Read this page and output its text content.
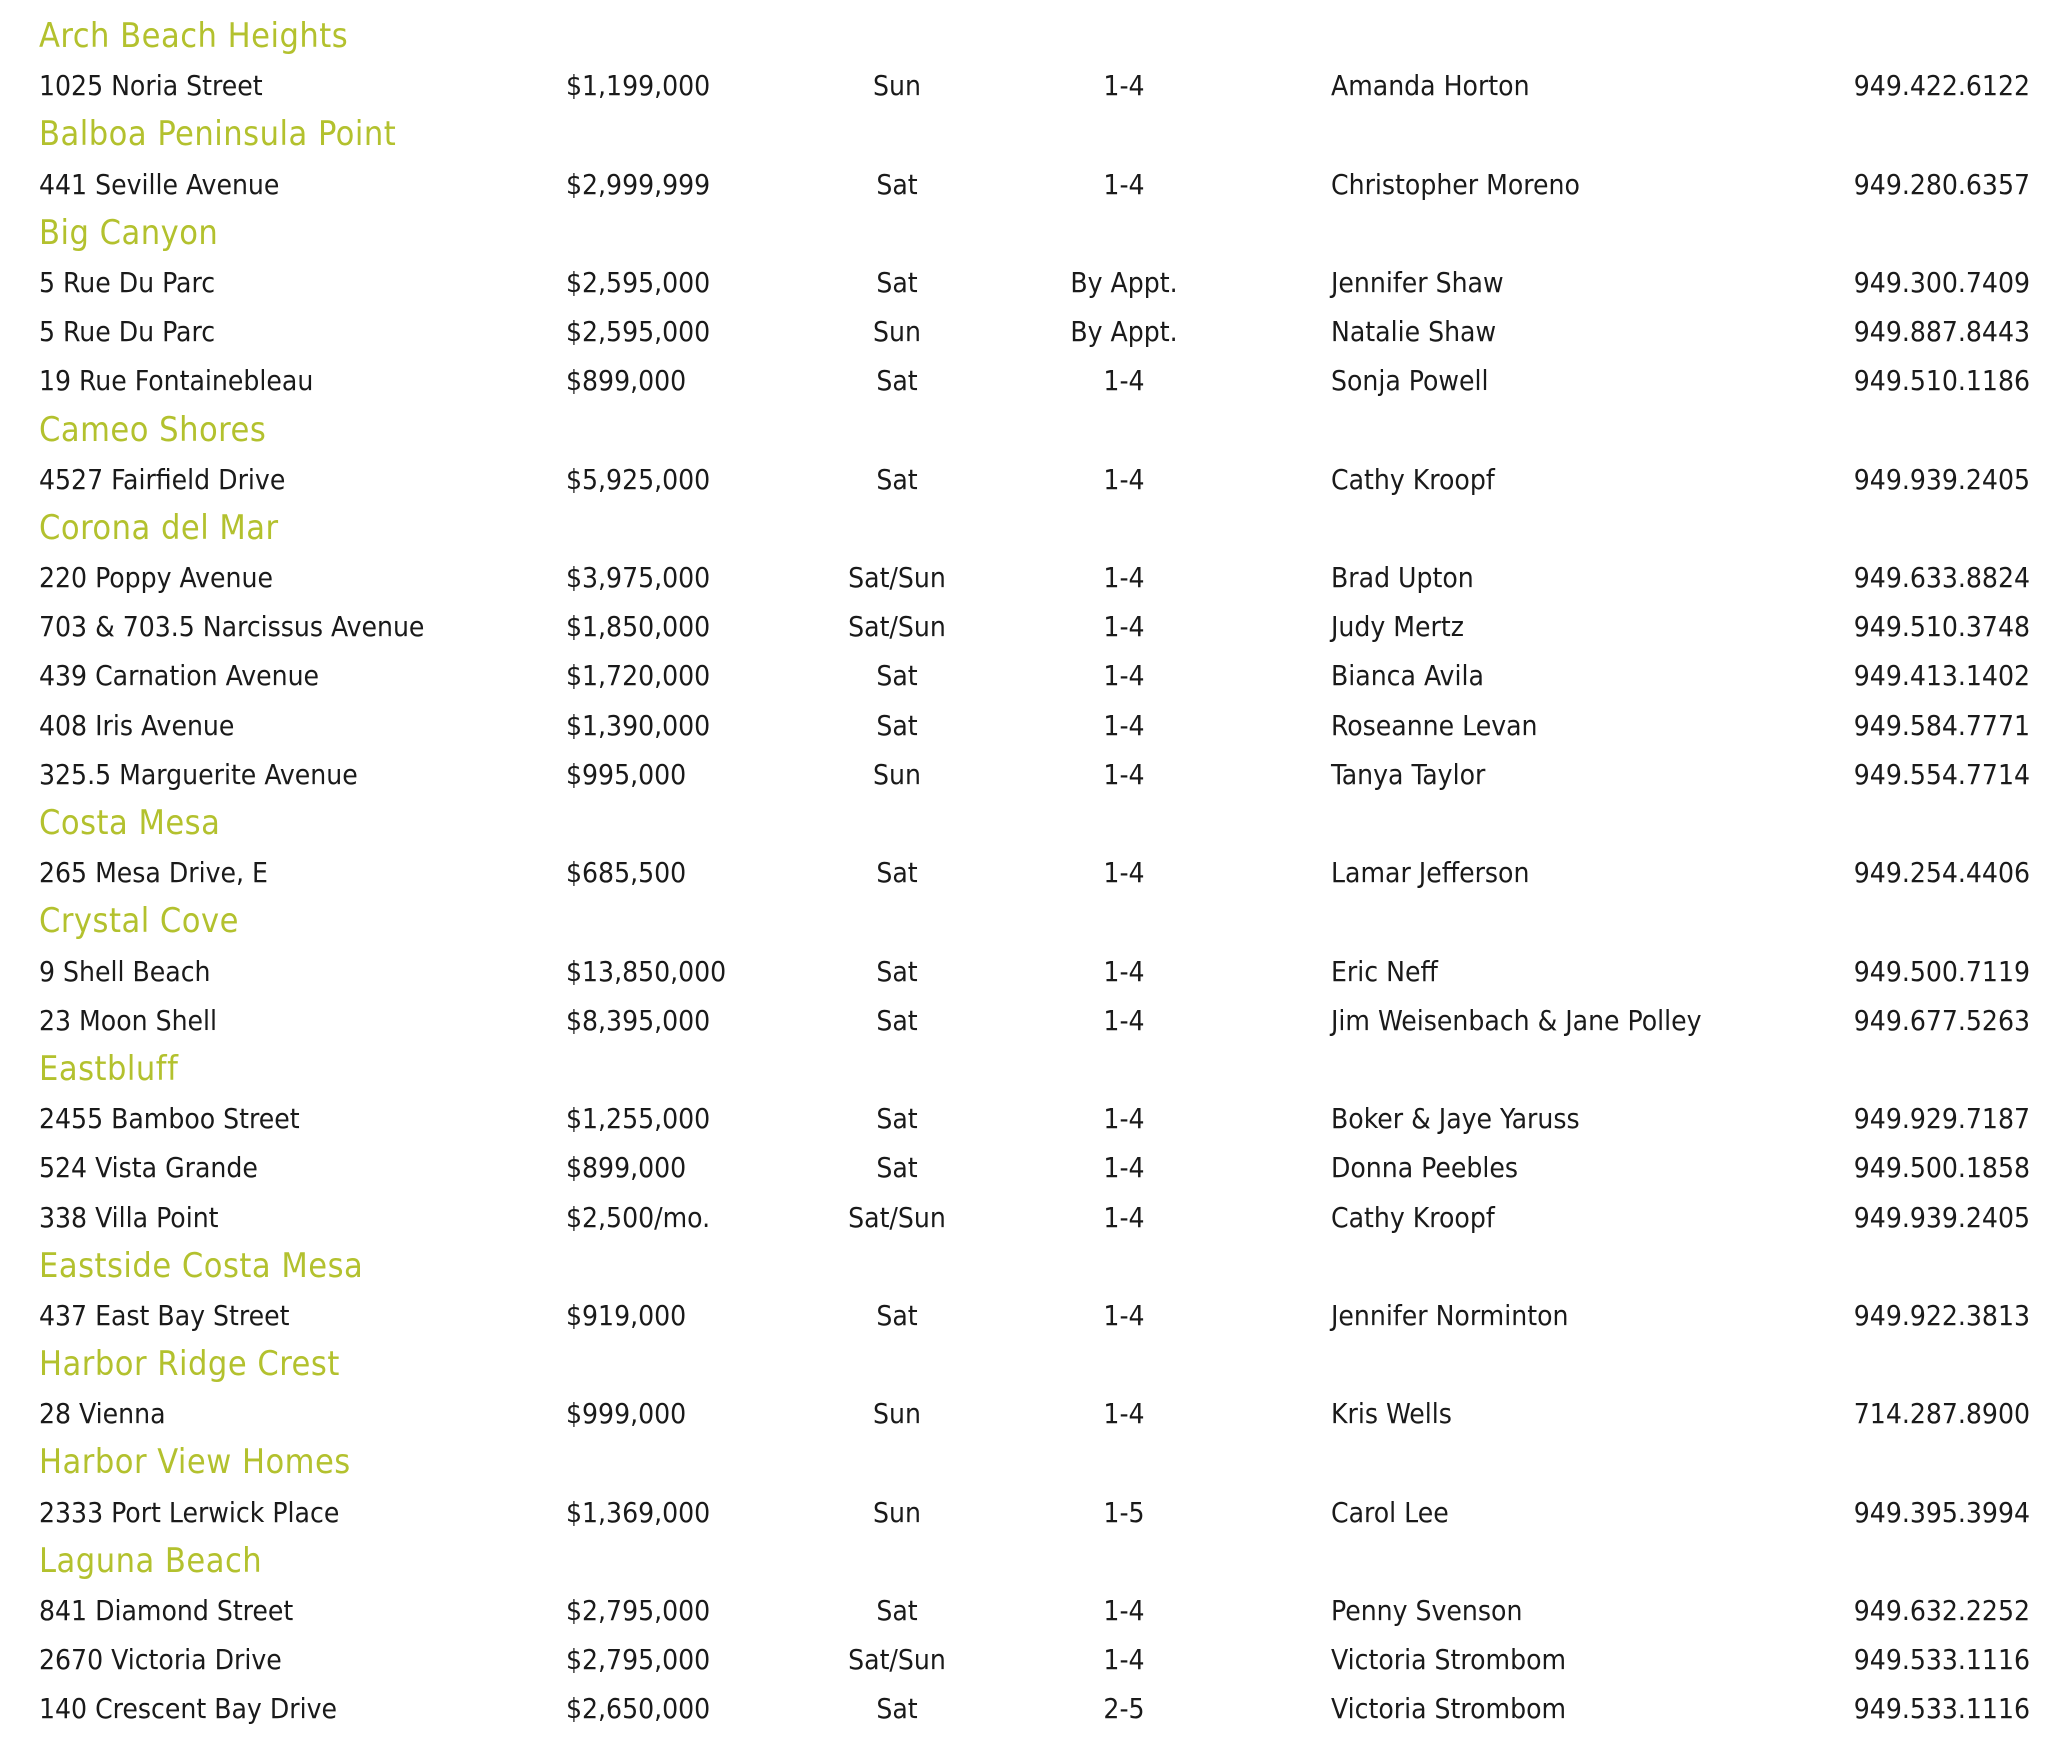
Arch Beach Heights
1025 Noria Street	$1,199,000	Sun	1-4	Amanda Horton	949.422.6122
Balboa Peninsula Point
441 Seville Avenue	$2,999,999	Sat	1-4	Christopher Moreno	949.280.6357
Big Canyon
5 Rue Du Parc	$2,595,000	Sat	By Appt.	Jennifer Shaw	949.300.7409
5 Rue Du Parc	$2,595,000	Sun	By Appt.	Natalie Shaw	949.887.8443
19 Rue Fontainebleau	$899,000	Sat	1-4	Sonja Powell	949.510.1186
Cameo Shores
4527 Fairfield Drive	$5,925,000	Sat	1-4	Cathy Kroopf	949.939.2405
Corona del Mar
220 Poppy Avenue	$3,975,000	Sat/Sun	1-4	Brad Upton	949.633.8824
703 & 703.5 Narcissus Avenue	$1,850,000	Sat/Sun	1-4	Judy Mertz	949.510.3748
439 Carnation Avenue	$1,720,000	Sat	1-4	Bianca Avila	949.413.1402
408 Iris Avenue	$1,390,000	Sat	1-4	Roseanne Levan	949.584.7771
325.5 Marguerite Avenue	$995,000	Sun	1-4	Tanya Taylor	949.554.7714
Costa Mesa
265 Mesa Drive, E	$685,500	Sat	1-4	Lamar Jefferson	949.254.4406
Crystal Cove
9 Shell Beach	$13,850,000	Sat	1-4	Eric Neff	949.500.7119
23 Moon Shell	$8,395,000	Sat	1-4	Jim Weisenbach & Jane Polley	949.677.5263
Eastbluff
2455 Bamboo Street	$1,255,000	Sat	1-4	Boker & Jaye Yaruss	949.929.7187
524 Vista Grande	$899,000	Sat	1-4	Donna Peebles	949.500.1858
338 Villa Point	$2,500/mo.	Sat/Sun	1-4	Cathy Kroopf	949.939.2405
Eastside Costa Mesa
437 East Bay Street	$919,000	Sat	1-4	Jennifer Norminton	949.922.3813
Harbor Ridge Crest
28 Vienna	$999,000	Sun	1-4	Kris Wells	714.287.8900
Harbor View Homes
2333 Port Lerwick Place	$1,369,000	Sun	1-5	Carol Lee	949.395.3994
Laguna Beach
841 Diamond Street	$2,795,000	Sat	1-4	Penny Svenson	949.632.2252
2670 Victoria Drive	$2,795,000	Sat/Sun	1-4	Victoria Strombom	949.533.1116
140 Crescent Bay Drive	$2,650,000	Sat	2-5	Victoria Strombom	949.533.1116
